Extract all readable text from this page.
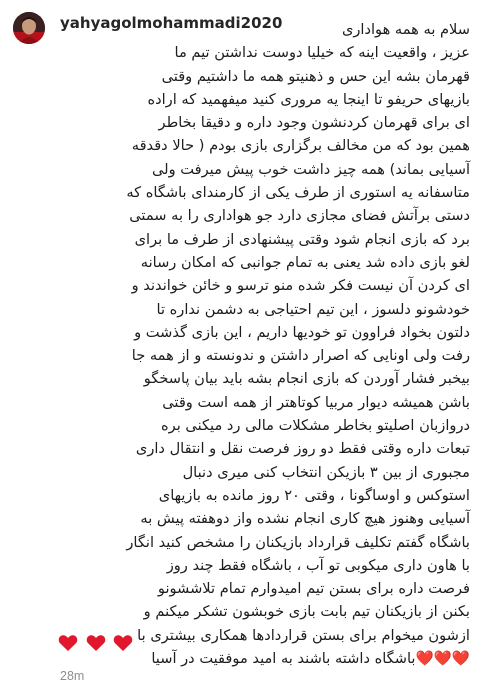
yahyagolmohammadi2020	سلام به همه هواداری
عزیز ، واقعیت اینه که خیلیا دوست نداشتن تیم ما
قهرمان بشه این حس و ذهنیتو همه ما داشتیم وقتی
بازیهای حریفو تا اینجا یه مروری کنید میفهمید که اراده
ای برای قهرمان کردنشون وجود داره و دقیقا بخاطر
همین بود که من مخالف برگزاری بازی بودم ( حالا دقدقه
آسیایی بماند) همه چیز داشت خوب پیش میرفت ولی
متاسفانه یه استوری از طرف یکی از کارمندای باشگاه که
دستی برآتش فضای مجازی دارد جو هواداری را به سمتی
برد که بازی انجام شود وقتی پیشنهادی از طرف ما برای
لغو بازی داده شد یعنی به تمام جوانبی که امکان رسانه
ای کردن آن نیست فکر شده منو ترسو و خائن خواندند و
خودشونو دلسوز ، این تیم احتیاجی به دشمن نداره تا
دلتون بخواد فراوون تو خودیها داریم ، این بازی گذشت و
رفت ولی اونایی که اصرار داشتن و ندونسته و از همه جا
بیخبر فشار آوردن که بازی انجام بشه باید بیان پاسخگو
باشن همیشه دیوار مربیا کوتاهتر از همه است وقتی
دروازبان اصلیتو بخاطر مشکلات مالی رد میکنی بره
تبعات داره وقتی فقط دو روز فرصت نقل و انتقال داری
مجبوری از بین ۳ بازیکن انتخاب کنی میری دنبال
استوکس و اوساگونا ، وقتی ۲۰ روز مانده به بازیهای
آسیایی وهنوز هیچ کاری انجام نشده واز دوهفته پیش به
باشگاه گفتم تکلیف قرارداد بازیکنان را مشخص کنید انگار
با هاون داری میکوبی تو آب ، باشگاه فقط چند روز
فرصت داره برای بستن تیم امیدوارم تمام تلاششونو
بکنن از بازیکنان تیم بابت بازی خوبشون تشکر میکنم و
ازشون میخوام برای بستن قراردادها همکاری بیشتری با
❤️❤️❤️باشگاه داشته باشند به امید موفقیت در آسیا

28m
